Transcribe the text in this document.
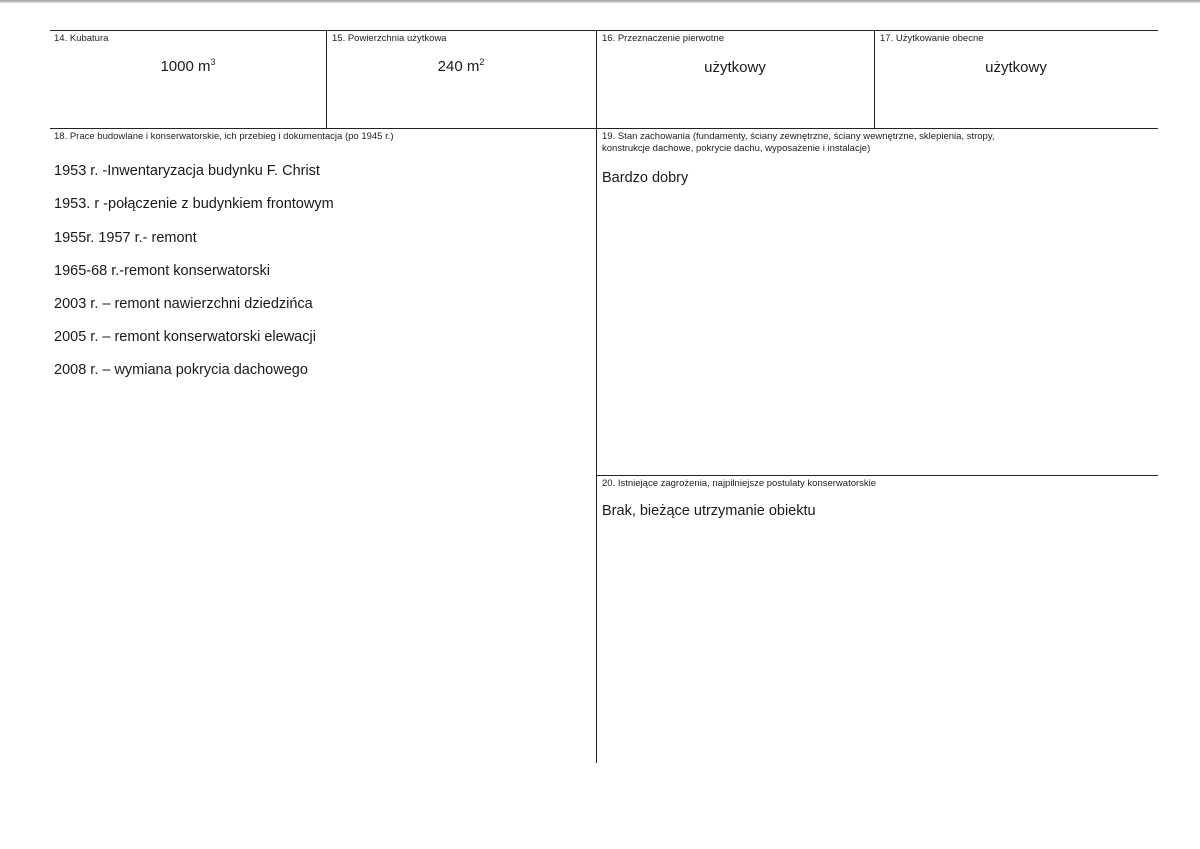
14. Kubatura
1000 $m^3$
15. Powierzchnia użytkowa
240 $m^2$
16. Przeznaczenie pierwotne
użytkowy
17. Użytkowanie obecne
użytkowy
18. Prace budowlane i konserwatorskie, ich przebieg i dokumentacja (po 1945 r.)
1953 r. -Inwentaryzacja budynku F. Christ
1953. r -połączenie z budynkiem frontowym
1955r. 1957 r.- remont
1965-68 r.-remont konserwatorski
2003 r. – remont nawierzchni dziedzińca
2005 r. – remont konserwatorski elewacji
2008 r. – wymiana pokrycia dachowego
19. Stan zachowania (fundamenty, ściany zewnętrzne, ściany wewnętrzne, sklepienia, stropy,
konstrukcje dachowe, pokrycie dachu, wyposażenie i instalacje)
Bardzo dobry
20. Istniejące zagrożenia, najpilniejsze postulaty konserwatorskie
Brak, bieżące utrzymanie obiektu
